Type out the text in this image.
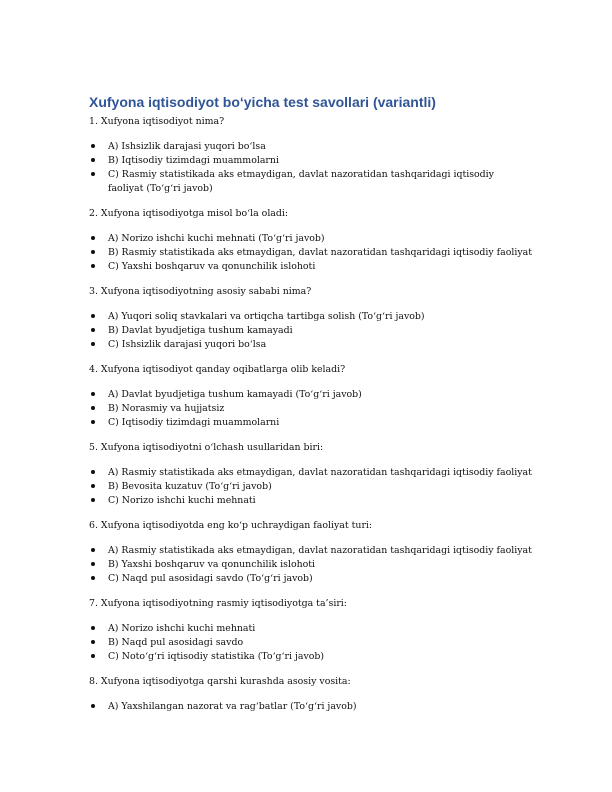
Xufyona iqtisodiyot bo‘yicha test savollari (variantli)
1. Xufyona iqtisodiyot nima?
A) Ishsizlik darajasi yuqori bo‘lsa
B) Iqtisodiy tizimdagi muammolarni
C) Rasmiy statistikada aks etmaydigan, davlat nazoratidan tashqaridagi iqtisodiy faoliyat (To‘g‘ri javob)
2. Xufyona iqtisodiyotga misol bo‘la oladi:
A) Norizo ishchi kuchi mehnati (To‘g‘ri javob)
B) Rasmiy statistikada aks etmaydigan, davlat nazoratidan tashqaridagi iqtisodiy faoliyat
C) Yaxshi boshqaruv va qonunchilik islohoti
3. Xufyona iqtisodiyotning asosiy sababi nima?
A) Yuqori soliq stavkalari va ortiqcha tartibga solish (To‘g‘ri javob)
B) Davlat byudjetiga tushum kamayadi
C) Ishsizlik darajasi yuqori bo‘lsa
4. Xufyona iqtisodiyot qanday oqibatlarga olib keladi?
A) Davlat byudjetiga tushum kamayadi (To‘g‘ri javob)
B) Norasmiy va hujjatsiz
C) Iqtisodiy tizimdagi muammolarni
5. Xufyona iqtisodiyotni o‘lchash usullaridan biri:
A) Rasmiy statistikada aks etmaydigan, davlat nazoratidan tashqaridagi iqtisodiy faoliyat
B) Bevosita kuzatuv (To‘g‘ri javob)
C) Norizo ishchi kuchi mehnati
6. Xufyona iqtisodiyotda eng ko‘p uchraydigan faoliyat turi:
A) Rasmiy statistikada aks etmaydigan, davlat nazoratidan tashqaridagi iqtisodiy faoliyat
B) Yaxshi boshqaruv va qonunchilik islohoti
C) Naqd pul asosidagi savdo (To‘g‘ri javob)
7. Xufyona iqtisodiyotning rasmiy iqtisodiyotga ta’siri:
A) Norizo ishchi kuchi mehnati
B) Naqd pul asosidagi savdo
C) Noto‘g‘ri iqtisodiy statistika (To‘g‘ri javob)
8. Xufyona iqtisodiyotga qarshi kurashda asosiy vosita:
A) Yaxshilangan nazorat va rag‘batlar (To‘g‘ri javob)
